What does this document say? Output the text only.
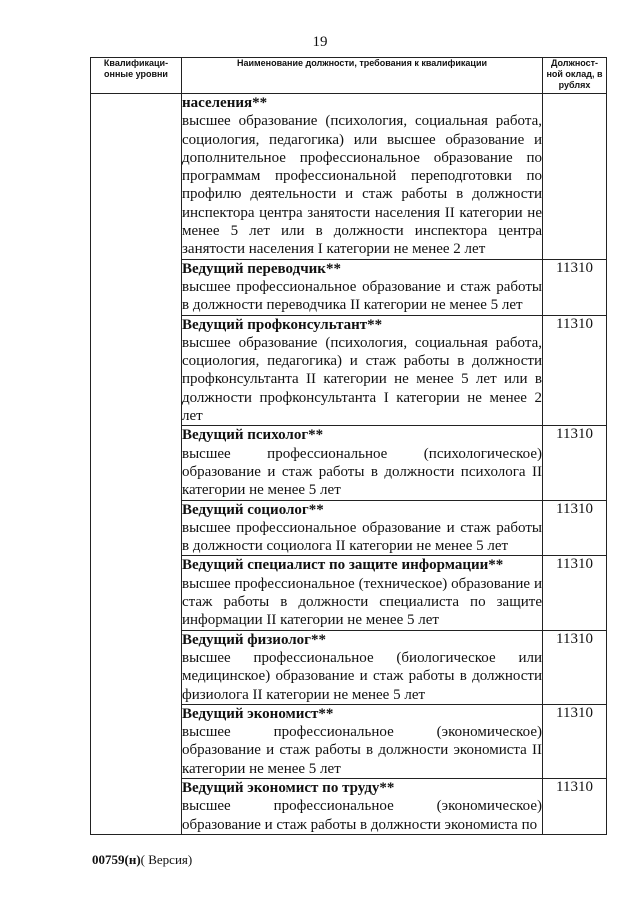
19
Квалификаци-онные уровни	Наименование должности, требования к квалификации	Должност-ной оклад, в рублях

	населения**
высшее образование (психология, социальная работа, социология, педагогика) или высшее образование и дополнительное профессиональное образование по программам профессиональной переподготовки по профилю деятельности и стаж работы в должности инспектора центра занятости населения II категории не менее 5 лет или в должности инспектора центра занятости населения I категории не менее 2 лет	

	Ведущий переводчик**
высшее профессиональное образование и стаж работы в должности переводчика II категории не менее 5 лет	11310

	Ведущий профконсультант**
высшее образование (психология, социальная работа, социология, педагогика) и стаж работы в должности профконсультанта II категории не менее 5 лет или в должности профконсультанта I категории не менее 2 лет	11310

	Ведущий психолог**
высшее профессиональное (психологическое) образование и стаж работы в должности психолога II категории не менее 5 лет	11310

	Ведущий социолог**
высшее профессиональное образование и стаж работы в должности социолога II категории не менее 5 лет	11310

	Ведущий специалист по защите информации**
высшее профессиональное (техническое) образование и стаж работы в должности специалиста по защите информации II категории не менее 5 лет	11310

	Ведущий физиолог**
высшее профессиональное (биологическое или медицинское) образование и стаж работы в должности физиолога II категории не менее 5 лет	11310

	Ведущий экономист**
высшее профессиональное (экономическое) образование и стаж работы в должности экономиста II категории не менее 5 лет	11310

	Ведущий экономист по труду**
высшее профессиональное (экономическое) образование и стаж работы в должности экономиста по	11310
00759(н)( Версия)
